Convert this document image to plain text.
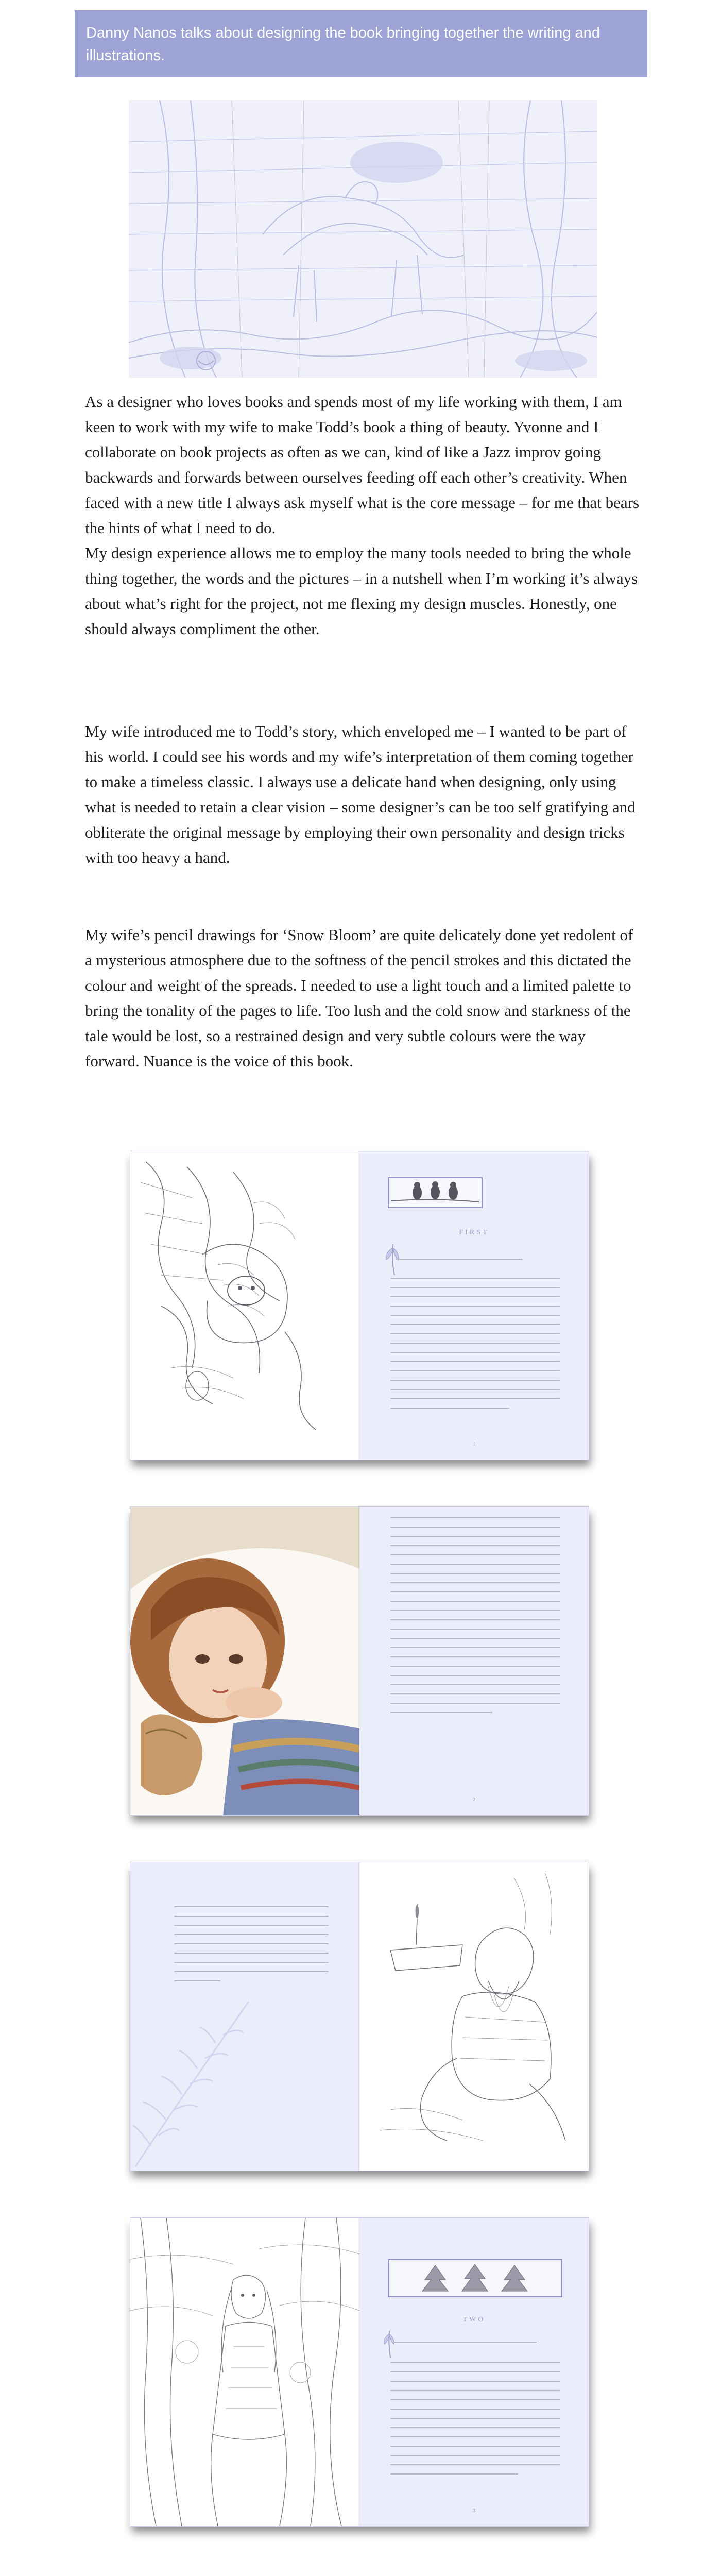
Danny Nanos talks about designing the book bringing together the writing and illustrations.

As a designer who loves books and spends most of my life working with them, I am keen to work with my wife to make Todd’s book a thing of beauty. Yvonne and I collaborate on book projects as often as we can, kind of like a Jazz improv going backwards and forwards between ourselves feeding off each other’s creativity. When faced with a new title I always ask myself what is the core message – for me that bears the hints of what I need to do.

My design experience allows me to employ the many tools needed to bring the whole thing together, the words and the pictures – in a nutshell when I’m working it’s always about what’s right for the project, not me flexing my design muscles. Honestly, one should always compliment the other.

My wife introduced me to Todd’s story, which enveloped me – I wanted to be part of his world. I could see his words and my wife’s interpretation of them coming together to make a timeless classic. I always use a delicate hand when designing, only using what is needed to retain a clear vision – some designer’s can be too self gratifying and obliterate the original message by employing their own personality and design tricks with too heavy a hand.

My wife’s pencil drawings for ‘Snow Bloom’ are quite delicately done yet redolent of a mysterious atmosphere due to the softness of the pencil strokes and this dictated the colour and weight of the spreads. I needed to use a light touch and a limited palette to bring the tonality of the pages to life. Too lush and the cold snow and starkness of the tale would be lost, so a restrained design and very subtle colours were the way forward. Nuance is the voice of this book.

FIRST
1
2
TWO
3
